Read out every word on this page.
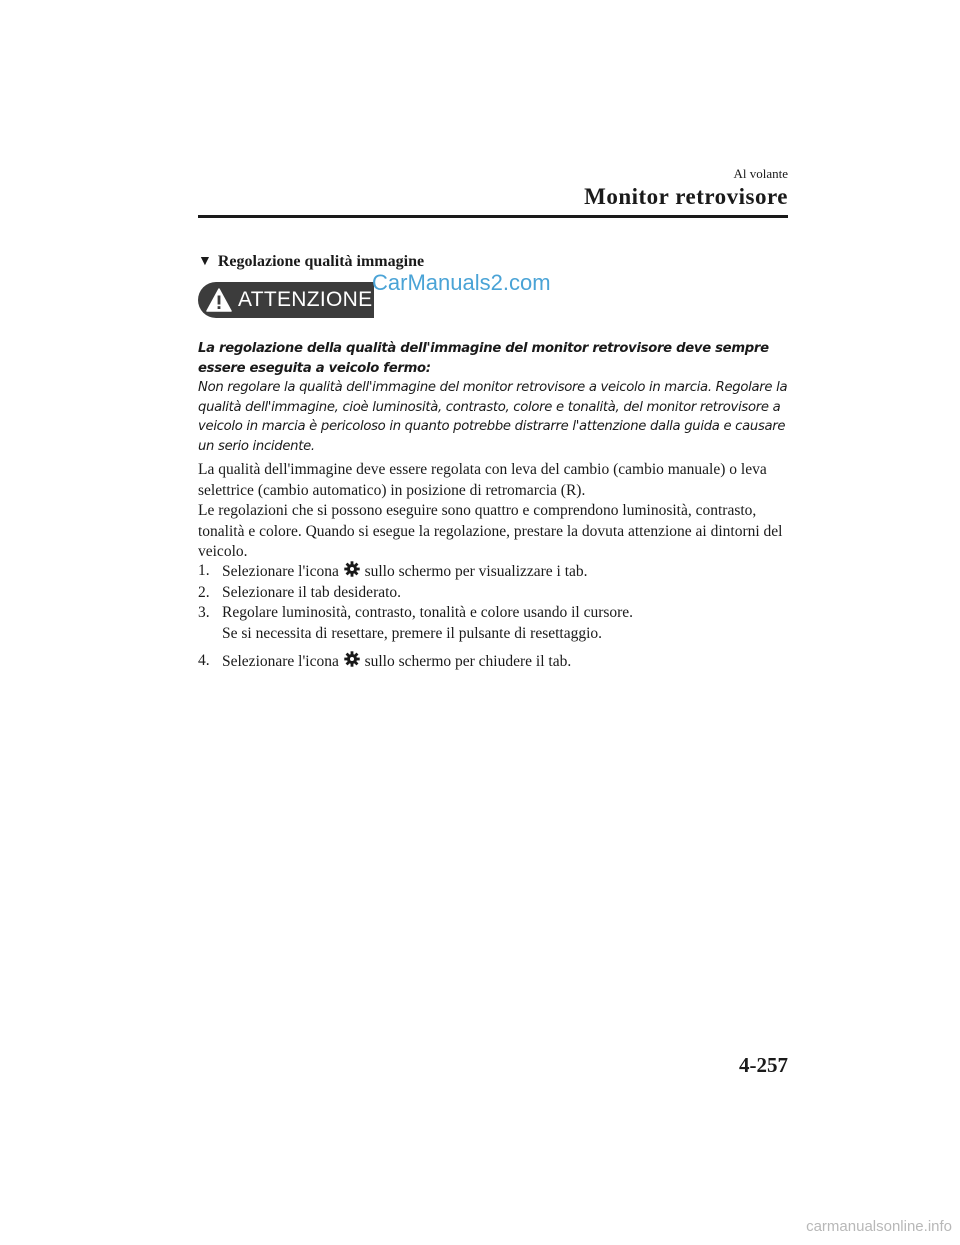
Al volante
Monitor retrovisore
▼ Regolazione qualità immagine
ATTENZIONE
CarManuals2.com
La regolazione della qualità dell'immagine del monitor retrovisore deve sempre essere eseguita a veicolo fermo:
Non regolare la qualità dell'immagine del monitor retrovisore a veicolo in marcia. Regolare la qualità dell'immagine, cioè luminosità, contrasto, colore e tonalità, del monitor retrovisore a veicolo in marcia è pericoloso in quanto potrebbe distrarre l'attenzione dalla guida e causare un serio incidente.

La qualità dell'immagine deve essere regolata con leva del cambio (cambio manuale) o leva selettrice (cambio automatico) in posizione di retromarcia (R).

Le regolazioni che si possono eseguire sono quattro e comprendono luminosità, contrasto, tonalità e colore. Quando si esegue la regolazione, prestare la dovuta attenzione ai dintorni del veicolo.

1. Selezionare l'icona sullo schermo per visualizzare i tab.
2. Selezionare il tab desiderato.
3. Regolare luminosità, contrasto, tonalità e colore usando il cursore.
Se si necessita di resettare, premere il pulsante di resettaggio.
4. Selezionare l'icona sullo schermo per chiudere il tab.
4-257
carmanualsonline.info
